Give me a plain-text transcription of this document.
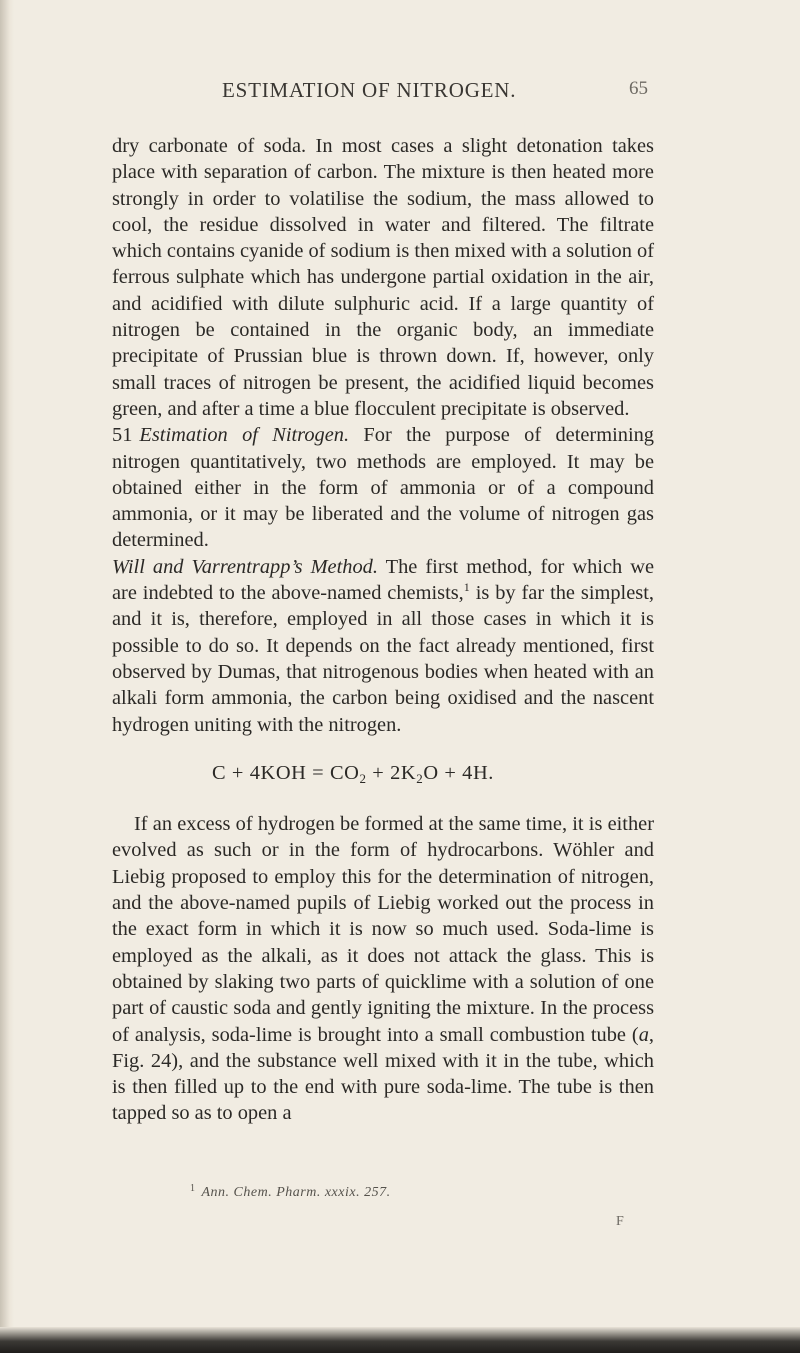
ESTIMATION OF NITROGEN.	65

dry carbonate of soda. In most cases a slight detonation takes place with separation of carbon. The mixture is then heated more strongly in order to volatilise the sodium, the mass allowed to cool, the residue dissolved in water and filtered. The filtrate which contains cyanide of sodium is then mixed with a solution of ferrous sulphate which has undergone partial oxidation in the air, and acidified with dilute sulphuric acid. If a large quantity of nitrogen be contained in the organic body, an immediate precipitate of Prussian blue is thrown down. If, however, only small traces of nitrogen be present, the acidified liquid becomes green, and after a time a blue flocculent precipitate is observed.

51 Estimation of Nitrogen. For the purpose of determining nitrogen quantitatively, two methods are employed. It may be obtained either in the form of ammonia or of a compound ammonia, or it may be liberated and the volume of nitrogen gas determined.

Will and Varrentrapp’s Method. The first method, for which we are indebted to the above-named chemists,$^1$ is by far the simplest, and it is, therefore, employed in all those cases in which it is possible to do so. It depends on the fact already mentioned, first observed by Dumas, that nitrogenous bodies when heated with an alkali form ammonia, the carbon being oxidised and the nascent hydrogen uniting with the nitrogen.

$C + 4KOH = CO_2 + 2K_2O + 4H$.

If an excess of hydrogen be formed at the same time, it is either evolved as such or in the form of hydrocarbons. Wöhler and Liebig proposed to employ this for the determination of nitrogen, and the above-named pupils of Liebig worked out the process in the exact form in which it is now so much used. Soda-lime is employed as the alkali, as it does not attack the glass. This is obtained by slaking two parts of quicklime with a solution of one part of caustic soda and gently igniting the mixture. In the process of analysis, soda-lime is brought into a small combustion tube (a, Fig. 24), and the substance well mixed with it in the tube, which is then filled up to the end with pure soda-lime. The tube is then tapped so as to open a

$^1$ Ann. Chem. Pharm. xxxix. 257.
F
